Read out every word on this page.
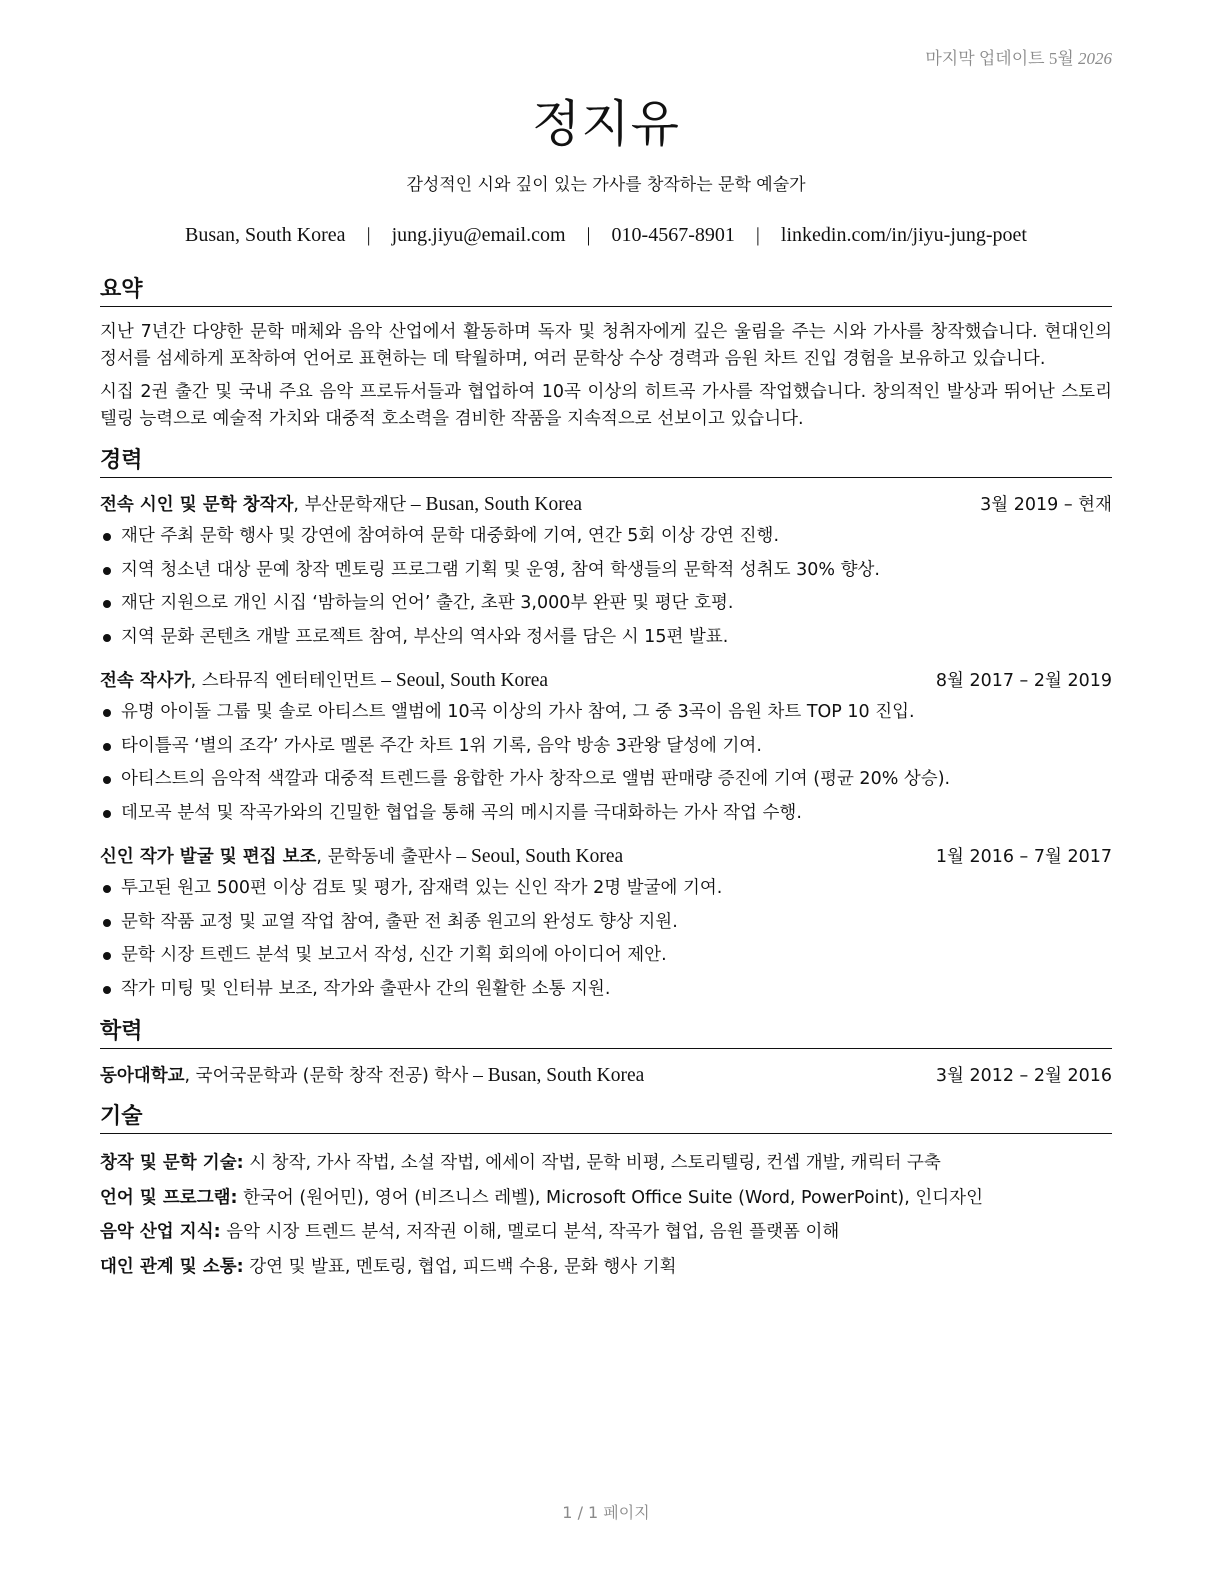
마지막 업데이트 5월 2026
정지유
감성적인 시와 깊이 있는 가사를 창작하는 문학 예술가
Busan, South Korea | jung.jiyu@email.com | 010-4567-8901 | linkedin.com/in/jiyu-jung-poet
요약

지난 7년간 다양한 문학 매체와 음악 산업에서 활동하며 독자 및 청취자에게 깊은 울림을 주는 시와 가사를 창작했습니다. 현대인의 정서를 섬세하게 포착하여 언어로 표현하는 데 탁월하며, 여러 문학상 수상 경력과 음원 차트 진입 경험을 보유하고 있습니다.

시집 2권 출간 및 국내 주요 음악 프로듀서들과 협업하여 10곡 이상의 히트곡 가사를 작업했습니다. 창의적인 발상과 뛰어난 스토리텔링 능력으로 예술적 가치와 대중적 호소력을 겸비한 작품을 지속적으로 선보이고 있습니다.

경력
전속 시인 및 문학 창작자, 부산문학재단 – Busan, South Korea	3월 2019 – 현재
재단 주최 문학 행사 및 강연에 참여하여 문학 대중화에 기여, 연간 5회 이상 강연 진행.
지역 청소년 대상 문예 창작 멘토링 프로그램 기획 및 운영, 참여 학생들의 문학적 성취도 30% 향상.
재단 지원으로 개인 시집 ‘밤하늘의 언어’ 출간, 초판 3,000부 완판 및 평단 호평.
지역 문화 콘텐츠 개발 프로젝트 참여, 부산의 역사와 정서를 담은 시 15편 발표.
전속 작사가, 스타뮤직 엔터테인먼트 – Seoul, South Korea	8월 2017 – 2월 2019
유명 아이돌 그룹 및 솔로 아티스트 앨범에 10곡 이상의 가사 참여, 그 중 3곡이 음원 차트 TOP 10 진입.
타이틀곡 ‘별의 조각’ 가사로 멜론 주간 차트 1위 기록, 음악 방송 3관왕 달성에 기여.
아티스트의 음악적 색깔과 대중적 트렌드를 융합한 가사 창작으로 앨범 판매량 증진에 기여 (평균 20% 상승).
데모곡 분석 및 작곡가와의 긴밀한 협업을 통해 곡의 메시지를 극대화하는 가사 작업 수행.
신인 작가 발굴 및 편집 보조, 문학동네 출판사 – Seoul, South Korea	1월 2016 – 7월 2017
투고된 원고 500편 이상 검토 및 평가, 잠재력 있는 신인 작가 2명 발굴에 기여.
문학 작품 교정 및 교열 작업 참여, 출판 전 최종 원고의 완성도 향상 지원.
문학 시장 트렌드 분석 및 보고서 작성, 신간 기획 회의에 아이디어 제안.
작가 미팅 및 인터뷰 보조, 작가와 출판사 간의 원활한 소통 지원.
학력
동아대학교, 국어국문학과 (문학 창작 전공) 학사 – Busan, South Korea	3월 2012 – 2월 2016
기술
창작 및 문학 기술: 시 창작, 가사 작법, 소설 작법, 에세이 작법, 문학 비평, 스토리텔링, 컨셉 개발, 캐릭터 구축
언어 및 프로그램: 한국어 (원어민), 영어 (비즈니스 레벨), Microsoft Office Suite (Word, PowerPoint), 인디자인
음악 산업 지식: 음악 시장 트렌드 분석, 저작권 이해, 멜로디 분석, 작곡가 협업, 음원 플랫폼 이해
대인 관계 및 소통: 강연 및 발표, 멘토링, 협업, 피드백 수용, 문화 행사 기획
1 / 1 페이지
